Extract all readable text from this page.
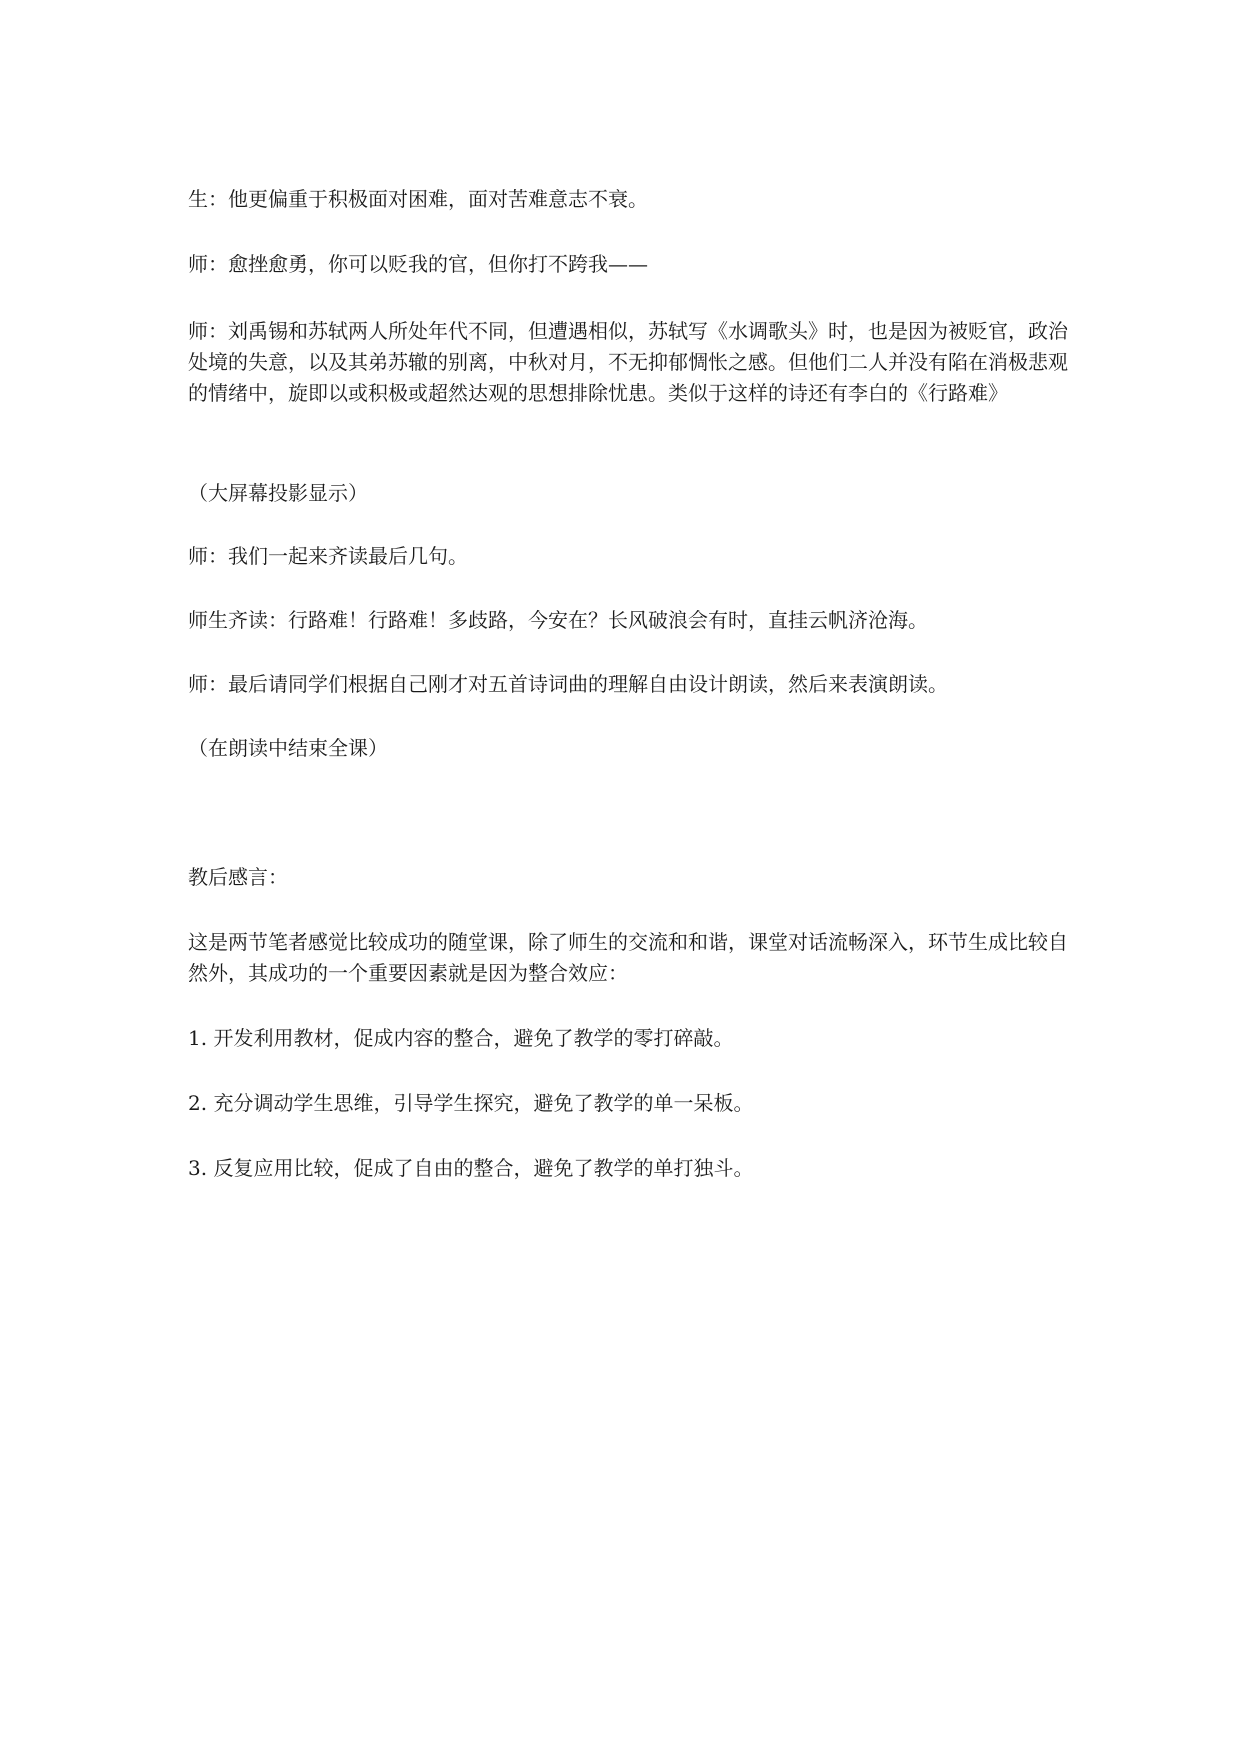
生：他更偏重于积极面对困难，面对苦难意志不衰。

师：愈挫愈勇，你可以贬我的官，但你打不跨我——

师：刘禹锡和苏轼两人所处年代不同，但遭遇相似，苏轼写《水调歌头》时，也是因为被贬官，政治处境的失意，以及其弟苏辙的别离，中秋对月，不无抑郁惆怅之感。但他们二人并没有陷在消极悲观的情绪中，旋即以或积极或超然达观的思想排除忧患。类似于这样的诗还有李白的《行路难》

（大屏幕投影显示）

师：我们一起来齐读最后几句。

师生齐读：行路难！行路难！多歧路，今安在？长风破浪会有时，直挂云帆济沧海。

师：最后请同学们根据自己刚才对五首诗词曲的理解自由设计朗读，然后来表演朗读。

（在朗读中结束全课）

教后感言：

这是两节笔者感觉比较成功的随堂课，除了师生的交流和和谐，课堂对话流畅深入，环节生成比较自然外，其成功的一个重要因素就是因为整合效应：

1. 开发利用教材，促成内容的整合，避免了教学的零打碎敲。

2. 充分调动学生思维，引导学生探究，避免了教学的单一呆板。

3. 反复应用比较，促成了自由的整合，避免了教学的单打独斗。
